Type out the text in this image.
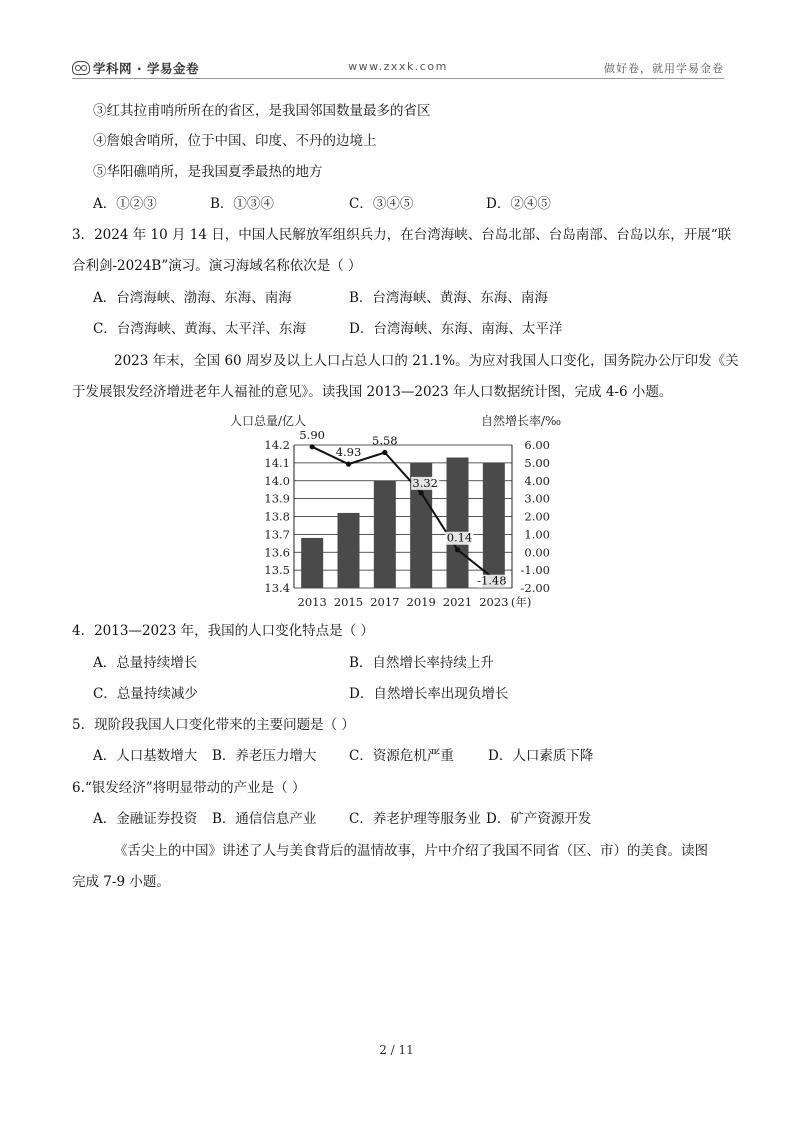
学科网 · 学易金卷	www.zxxk.com	做好卷，就用学易金卷
③红其拉甫哨所所在的省区，是我国邻国数量最多的省区
④詹娘舍哨所，位于中国、印度、不丹的边境上
⑤华阳礁哨所，是我国夏季最热的地方
A．①②③	B．①③④	C．③④⑤	D．②④⑤
3．2024 年 10 月 14 日，中国人民解放军组织兵力，在台湾海峡、台岛北部、台岛南部、台岛以东，开展“联
合利剑-2024B”演习。演习海域名称依次是（ ）
A．台湾海峡、渤海、东海、南海	B．台湾海峡、黄海、东海、南海
C．台湾海峡、黄海、太平洋、东海	D．台湾海峡、东海、南海、太平洋
2023 年末，全国 60 周岁及以上人口占总人口的 21.1%。为应对我国人口变化，国务院办公厅印发《关
于发展银发经济增进老年人福祉的意见》。读我国 2013—2023 年人口数据统计图，完成 4-6 小题。
人口总量/亿人	自然增长率/‰
5.90
4.93
5.58
3.32
0.14
-1.48
14.2
14.1
14.0
13.9
13.8
13.7
13.6
13.5
13.4
6.00
5.00
4.00
3.00
2.00
1.00
0.00
-1.00
-2.00
2013 2015 2017 2019 2021 2023 (年)
4．2013—2023 年，我国的人口变化特点是（ ）
A．总量持续增长	B．自然增长率持续上升
C．总量持续减少	D．自然增长率出现负增长
5．现阶段我国人口变化带来的主要问题是（ ）
A．人口基数增大 B．养老压力增大 C．资源危机严重	D．人口素质下降
6.“银发经济”将明显带动的产业是（ ）
A．金融证券投资 B．通信信息产业 C．养老护理等服务业 D．矿产资源开发
《舌尖上的中国》讲述了人与美食背后的温情故事，片中介绍了我国不同省（区、市）的美食。读图
完成 7-9 小题。
2 / 11
